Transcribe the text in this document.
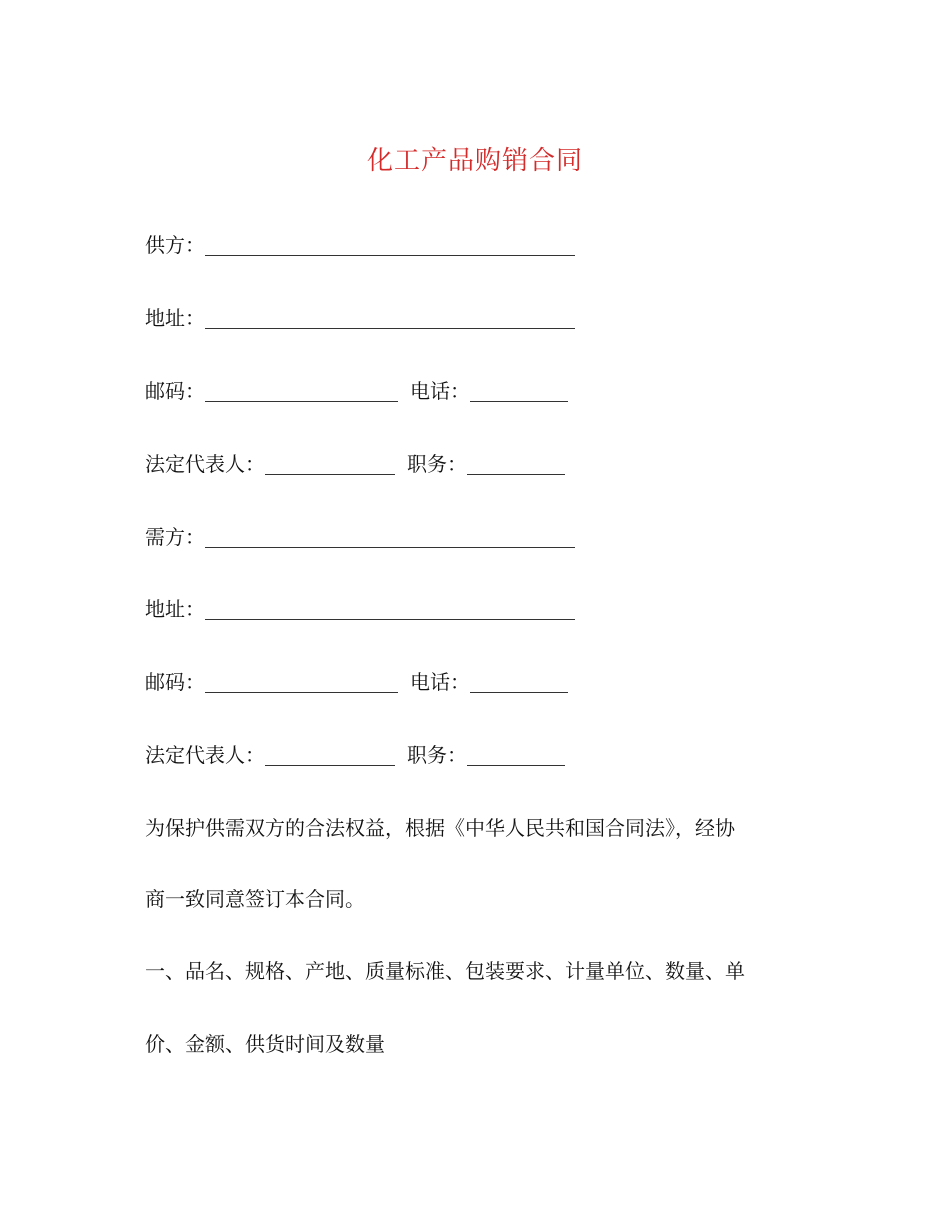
化工产品购销合同
供方：
地址：
邮码：	电话：
法定代表人：	职务：
需方：
地址：
邮码：	电话：
法定代表人：	职务：
为保护供需双方的合法权益，根据《中华人民共和国合同法》，经协
商一致同意签订本合同。
一、品名、规格、产地、质量标准、包装要求、计量单位、数量、单
价、金额、供货时间及数量
